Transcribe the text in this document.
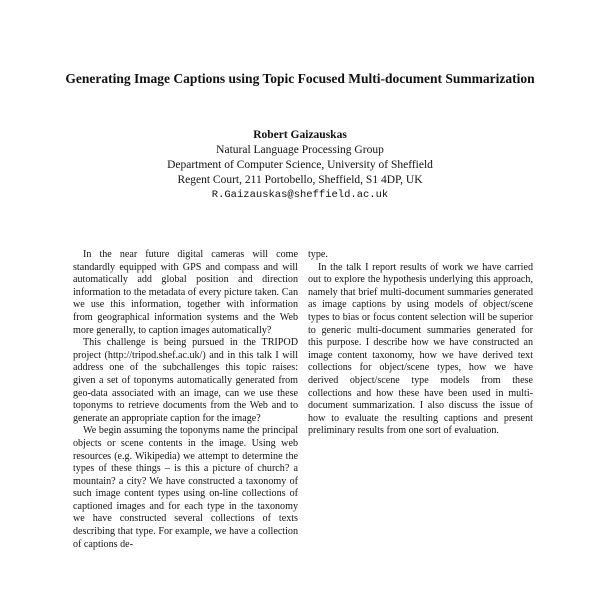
Generating Image Captions using Topic Focused Multi-document Summarization
Robert Gaizauskas
Natural Language Processing Group
Department of Computer Science, University of Sheffield
Regent Court, 211 Portobello, Sheffield, S1 4DP, UK
R.Gaizauskas@sheffield.ac.uk

In the near future digital cameras will come standardly equipped with GPS and compass and will automatically add global position and direction information to the metadata of every picture taken. Can we use this information, together with information from geographical information systems and the Web more generally, to caption images automatically?

This challenge is being pursued in the TRIPOD project (http://tripod.shef.ac.uk/) and in this talk I will address one of the subchallenges this topic raises: given a set of toponyms automatically generated from geo-data associated with an image, can we use these toponyms to retrieve documents from the Web and to generate an appropriate caption for the image?

We begin assuming the toponyms name the principal objects or scene contents in the image. Using web resources (e.g. Wikipedia) we attempt to determine the types of these things – is this a picture of church? a mountain? a city? We have constructed a taxonomy of such image content types using on-line collections of captioned images and for each type in the taxonomy we have constructed several collections of texts describing that type. For example, we have a collection of captions de-

type.

In the talk I report results of work we have carried out to explore the hypothesis underlying this approach, namely that brief multi-document summaries generated as image captions by using models of object/scene types to bias or focus content selection will be superior to generic multi-document summaries generated for this purpose. I describe how we have constructed an image content taxonomy, how we have derived text collections for object/scene types, how we have derived object/scene type models from these collections and how these have been used in multi-document summarization. I also discuss the issue of how to evaluate the resulting captions and present preliminary results from one sort of evaluation.
